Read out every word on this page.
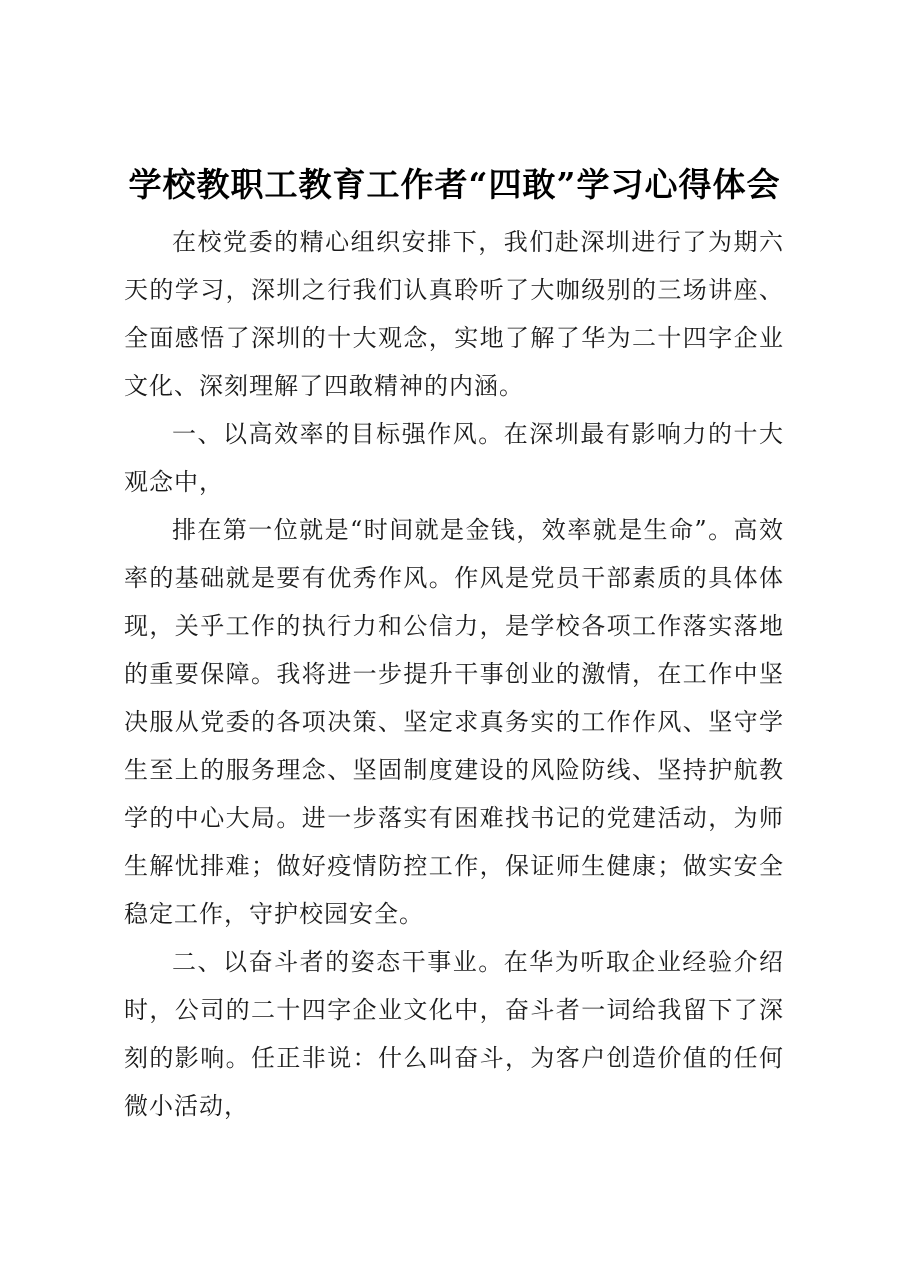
学校教职工教育工作者“四敢”学习心得体会

在校党委的精心组织安排下，我们赴深圳进行了为期六天的学习，深圳之行我们认真聆听了大咖级别的三场讲座、全面感悟了深圳的十大观念，实地了解了华为二十四字企业文化、深刻理解了四敢精神的内涵。

一、以高效率的目标强作风。在深圳最有影响力的十大观念中，

排在第一位就是“时间就是金钱，效率就是生命”。高效率的基础就是要有优秀作风。作风是党员干部素质的具体体现，关乎工作的执行力和公信力，是学校各项工作落实落地的重要保障。我将进一步提升干事创业的激情，在工作中坚决服从党委的各项决策、坚定求真务实的工作作风、坚守学生至上的服务理念、坚固制度建设的风险防线、坚持护航教学的中心大局。进一步落实有困难找书记的党建活动，为师生解忧排难；做好疫情防控工作，保证师生健康；做实安全稳定工作，守护校园安全。

二、以奋斗者的姿态干事业。在华为听取企业经验介绍时，公司的二十四字企业文化中，奋斗者一词给我留下了深刻的影响。任正非说：什么叫奋斗，为客户创造价值的任何微小活动，
